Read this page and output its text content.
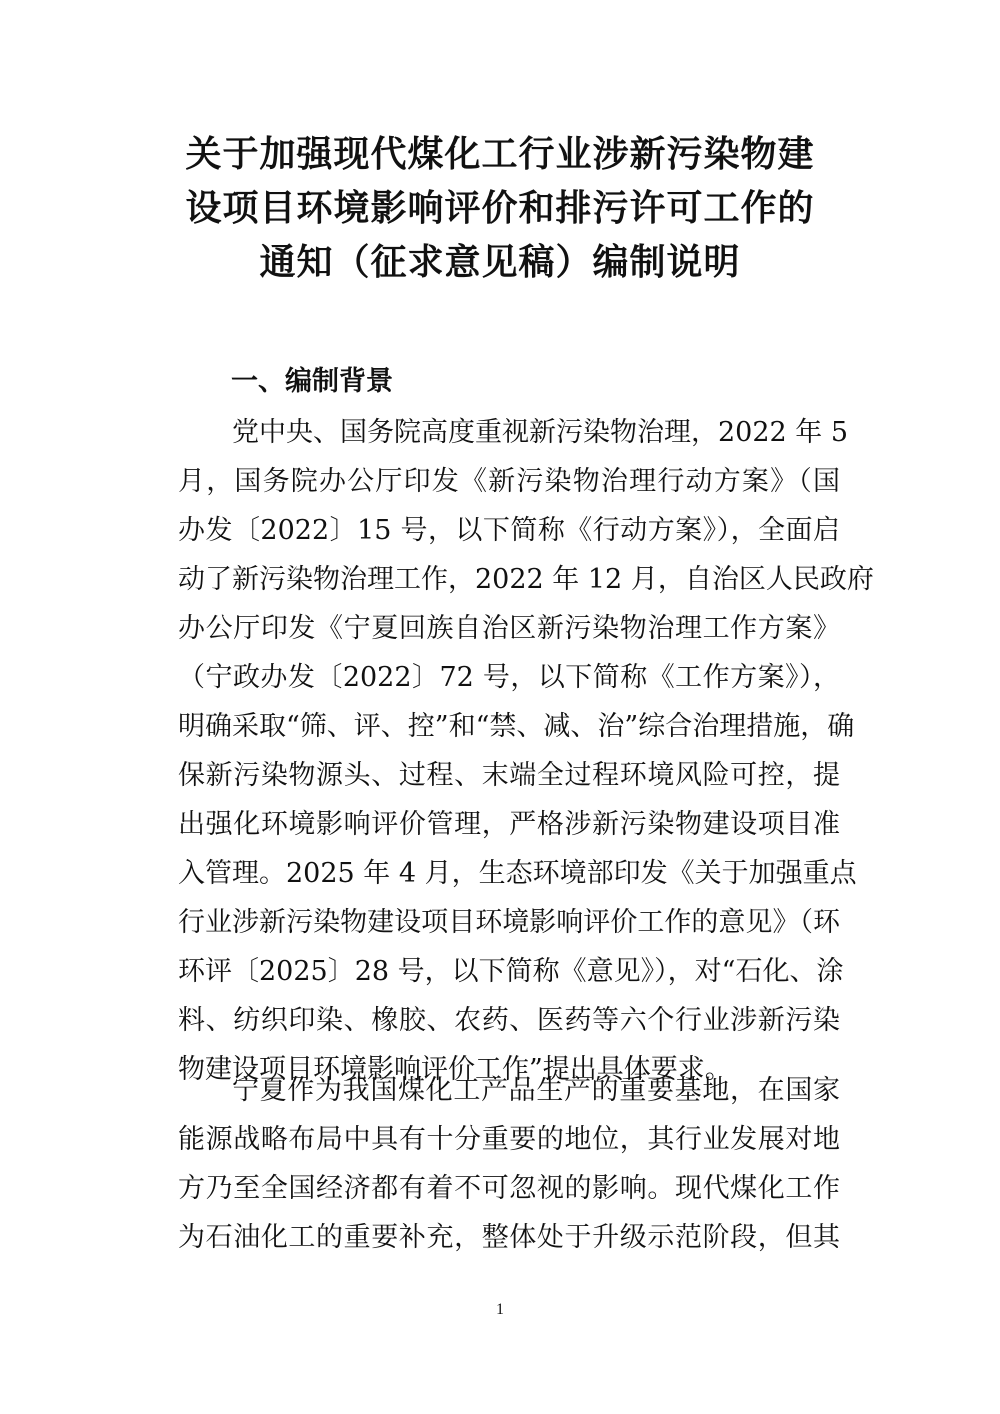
关于加强现代煤化工行业涉新污染物建
设项目环境影响评价和排污许可工作的
通知（征求意见稿）编制说明
一、编制背景
党中央、国务院高度重视新污染物治理，2022 年 5
月，国务院办公厅印发《新污染物治理行动方案》（国
办发〔2022〕15 号，以下简称《行动方案》），全面启
动了新污染物治理工作，2022 年 12 月，自治区人民政府
办公厅印发《宁夏回族自治区新污染物治理工作方案》
（宁政办发〔2022〕72 号，以下简称《工作方案》），
明确采取“筛、评、控”和“禁、减、治”综合治理措施，确
保新污染物源头、过程、末端全过程环境风险可控，提
出强化环境影响评价管理，严格涉新污染物建设项目准
入管理。2025 年 4 月，生态环境部印发《关于加强重点
行业涉新污染物建设项目环境影响评价工作的意见》（环
环评〔2025〕28 号，以下简称《意见》），对“石化、涂
料、纺织印染、橡胶、农药、医药等六个行业涉新污染
物建设项目环境影响评价工作”提出具体要求。
宁夏作为我国煤化工产品生产的重要基地，在国家
能源战略布局中具有十分重要的地位，其行业发展对地
方乃至全国经济都有着不可忽视的影响。现代煤化工作
为石油化工的重要补充，整体处于升级示范阶段，但其
1
